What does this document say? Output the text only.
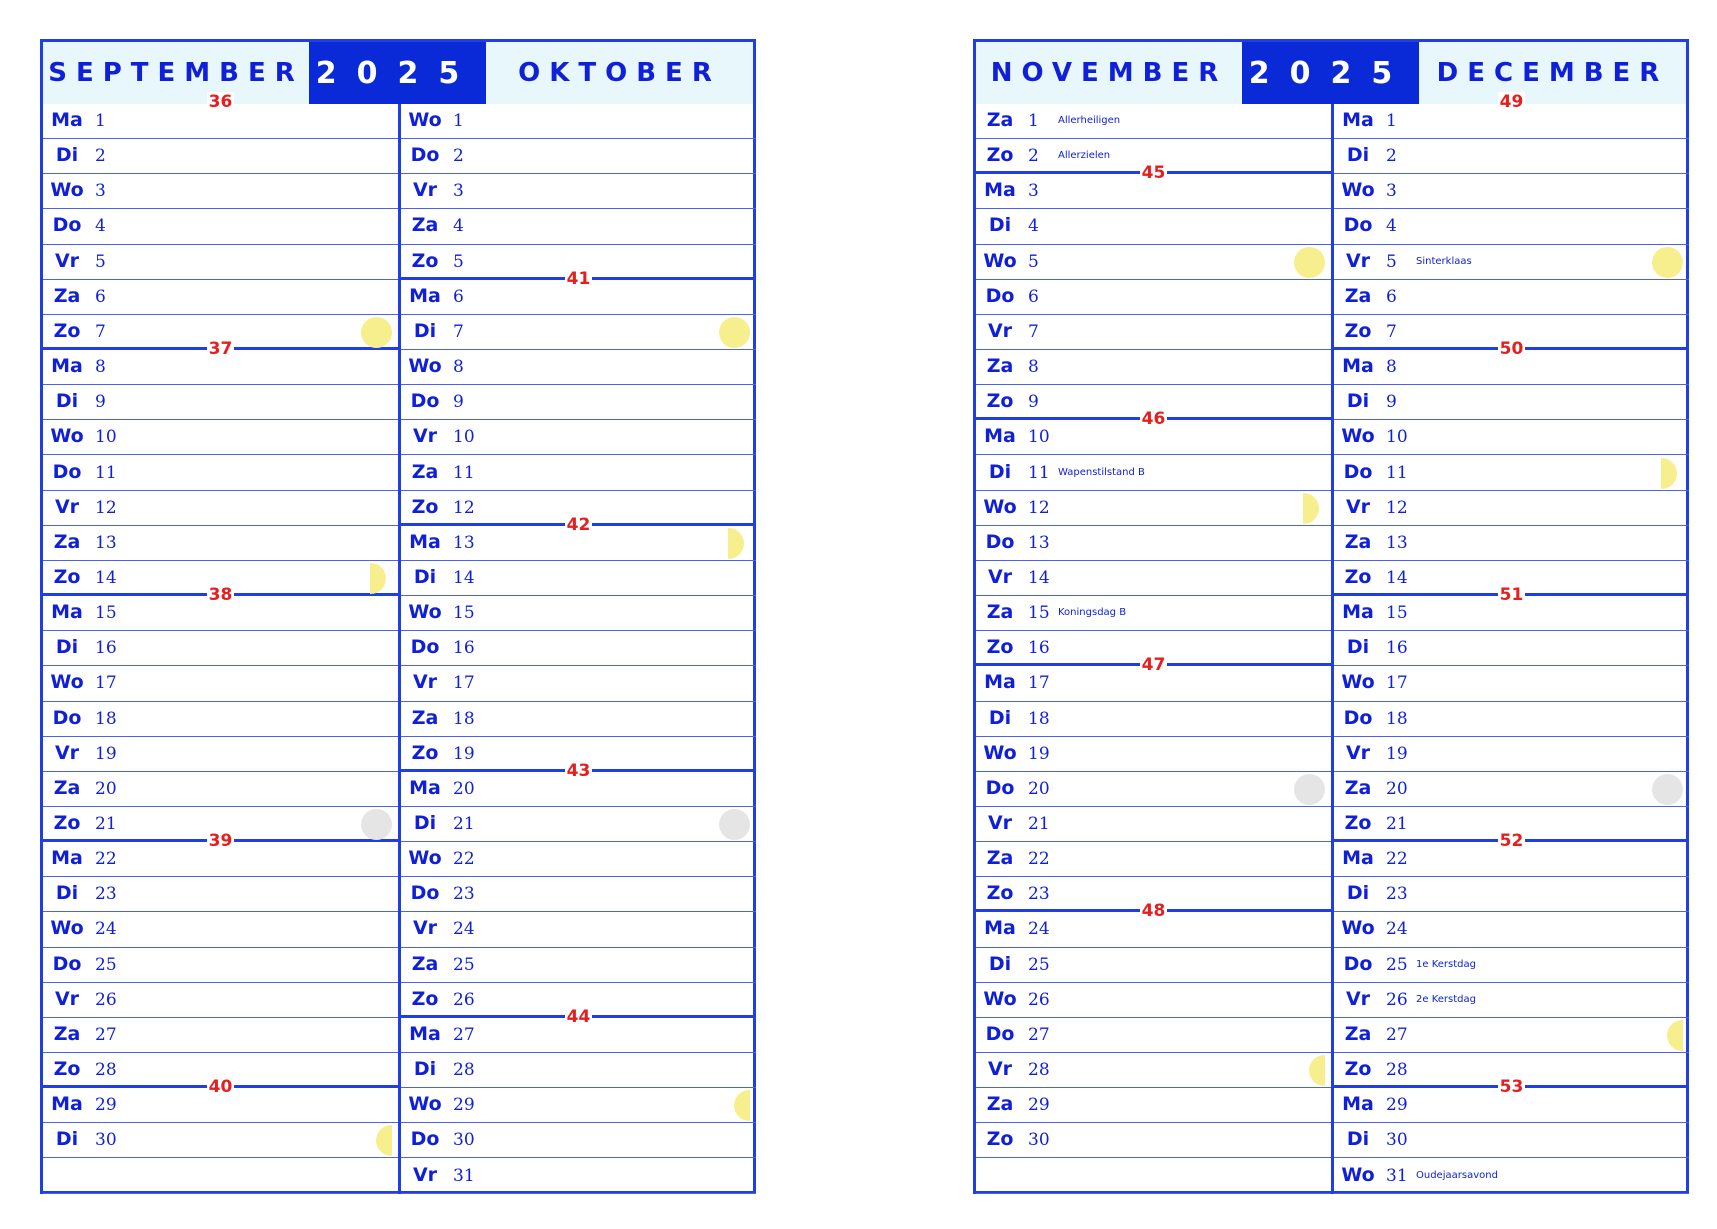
SEPTEMBER 2025	OKTOBER
Ma 1
36
Di 2
Wo 3
Do 4
Vr 5
Za 6
Zo 7
37
Ma 8
Di 9
Wo 10
Do 11
Vr 12
Za 13
Zo 14
38
Ma 15
Di 16
Wo 17
Do 18
Vr 19
Za 20
Zo 21
39
Ma 22
Di 23
Wo 24
Do 25
Vr 26
Za 27
Zo 28
40
Ma 29
Di 30
Wo 1
Do 2
Vr 3
Za 4
Zo 5
41
Ma 6
Di 7
Wo 8
Do 9
Vr 10
Za 11
Zo 12
42
Ma 13
Di 14
Wo 15
Do 16
Vr 17
Za 18
Zo 19
43
Ma 20
Di 21
Wo 22
Do 23
Vr 24
Za 25
Zo 26
44
Ma 27
Di 28
Wo 29
Do 30
Vr 31
NOVEMBER 2025 DECEMBER
Za 1 Allerheiligen
Zo 2 Allerzielen
45
Ma 3
Di 4
Wo 5
Do 6
Vr 7
Za 8
Zo 9
46
Ma 10
Di 11 Wapenstilstand B
Wo 12
Do 13
Vr 14
Za 15 Koningsdag B
Zo 16
47
Ma 17
Di 18
Wo 19
Do 20
Vr 21
Za 22
Zo 23
48
Ma 24
Di 25
Wo 26
Do 27
Vr 28
Za 29
Zo 30
Ma 1
49
Di 2
Wo 3
Do 4
Vr 5 Sinterklaas
Za 6
Zo 7
50
Ma 8
Di 9
Wo 10
Do 11
Vr 12
Za 13
Zo 14
51
Ma 15
Di 16
Wo 17
Do 18
Vr 19
Za 20
Zo 21
52
Ma 22
Di 23
Wo 24
Do 25 1e Kerstdag
Vr 26 2e Kerstdag
Za 27
Zo 28
53
Ma 29
Di 30
Wo 31 Oudejaarsavond
